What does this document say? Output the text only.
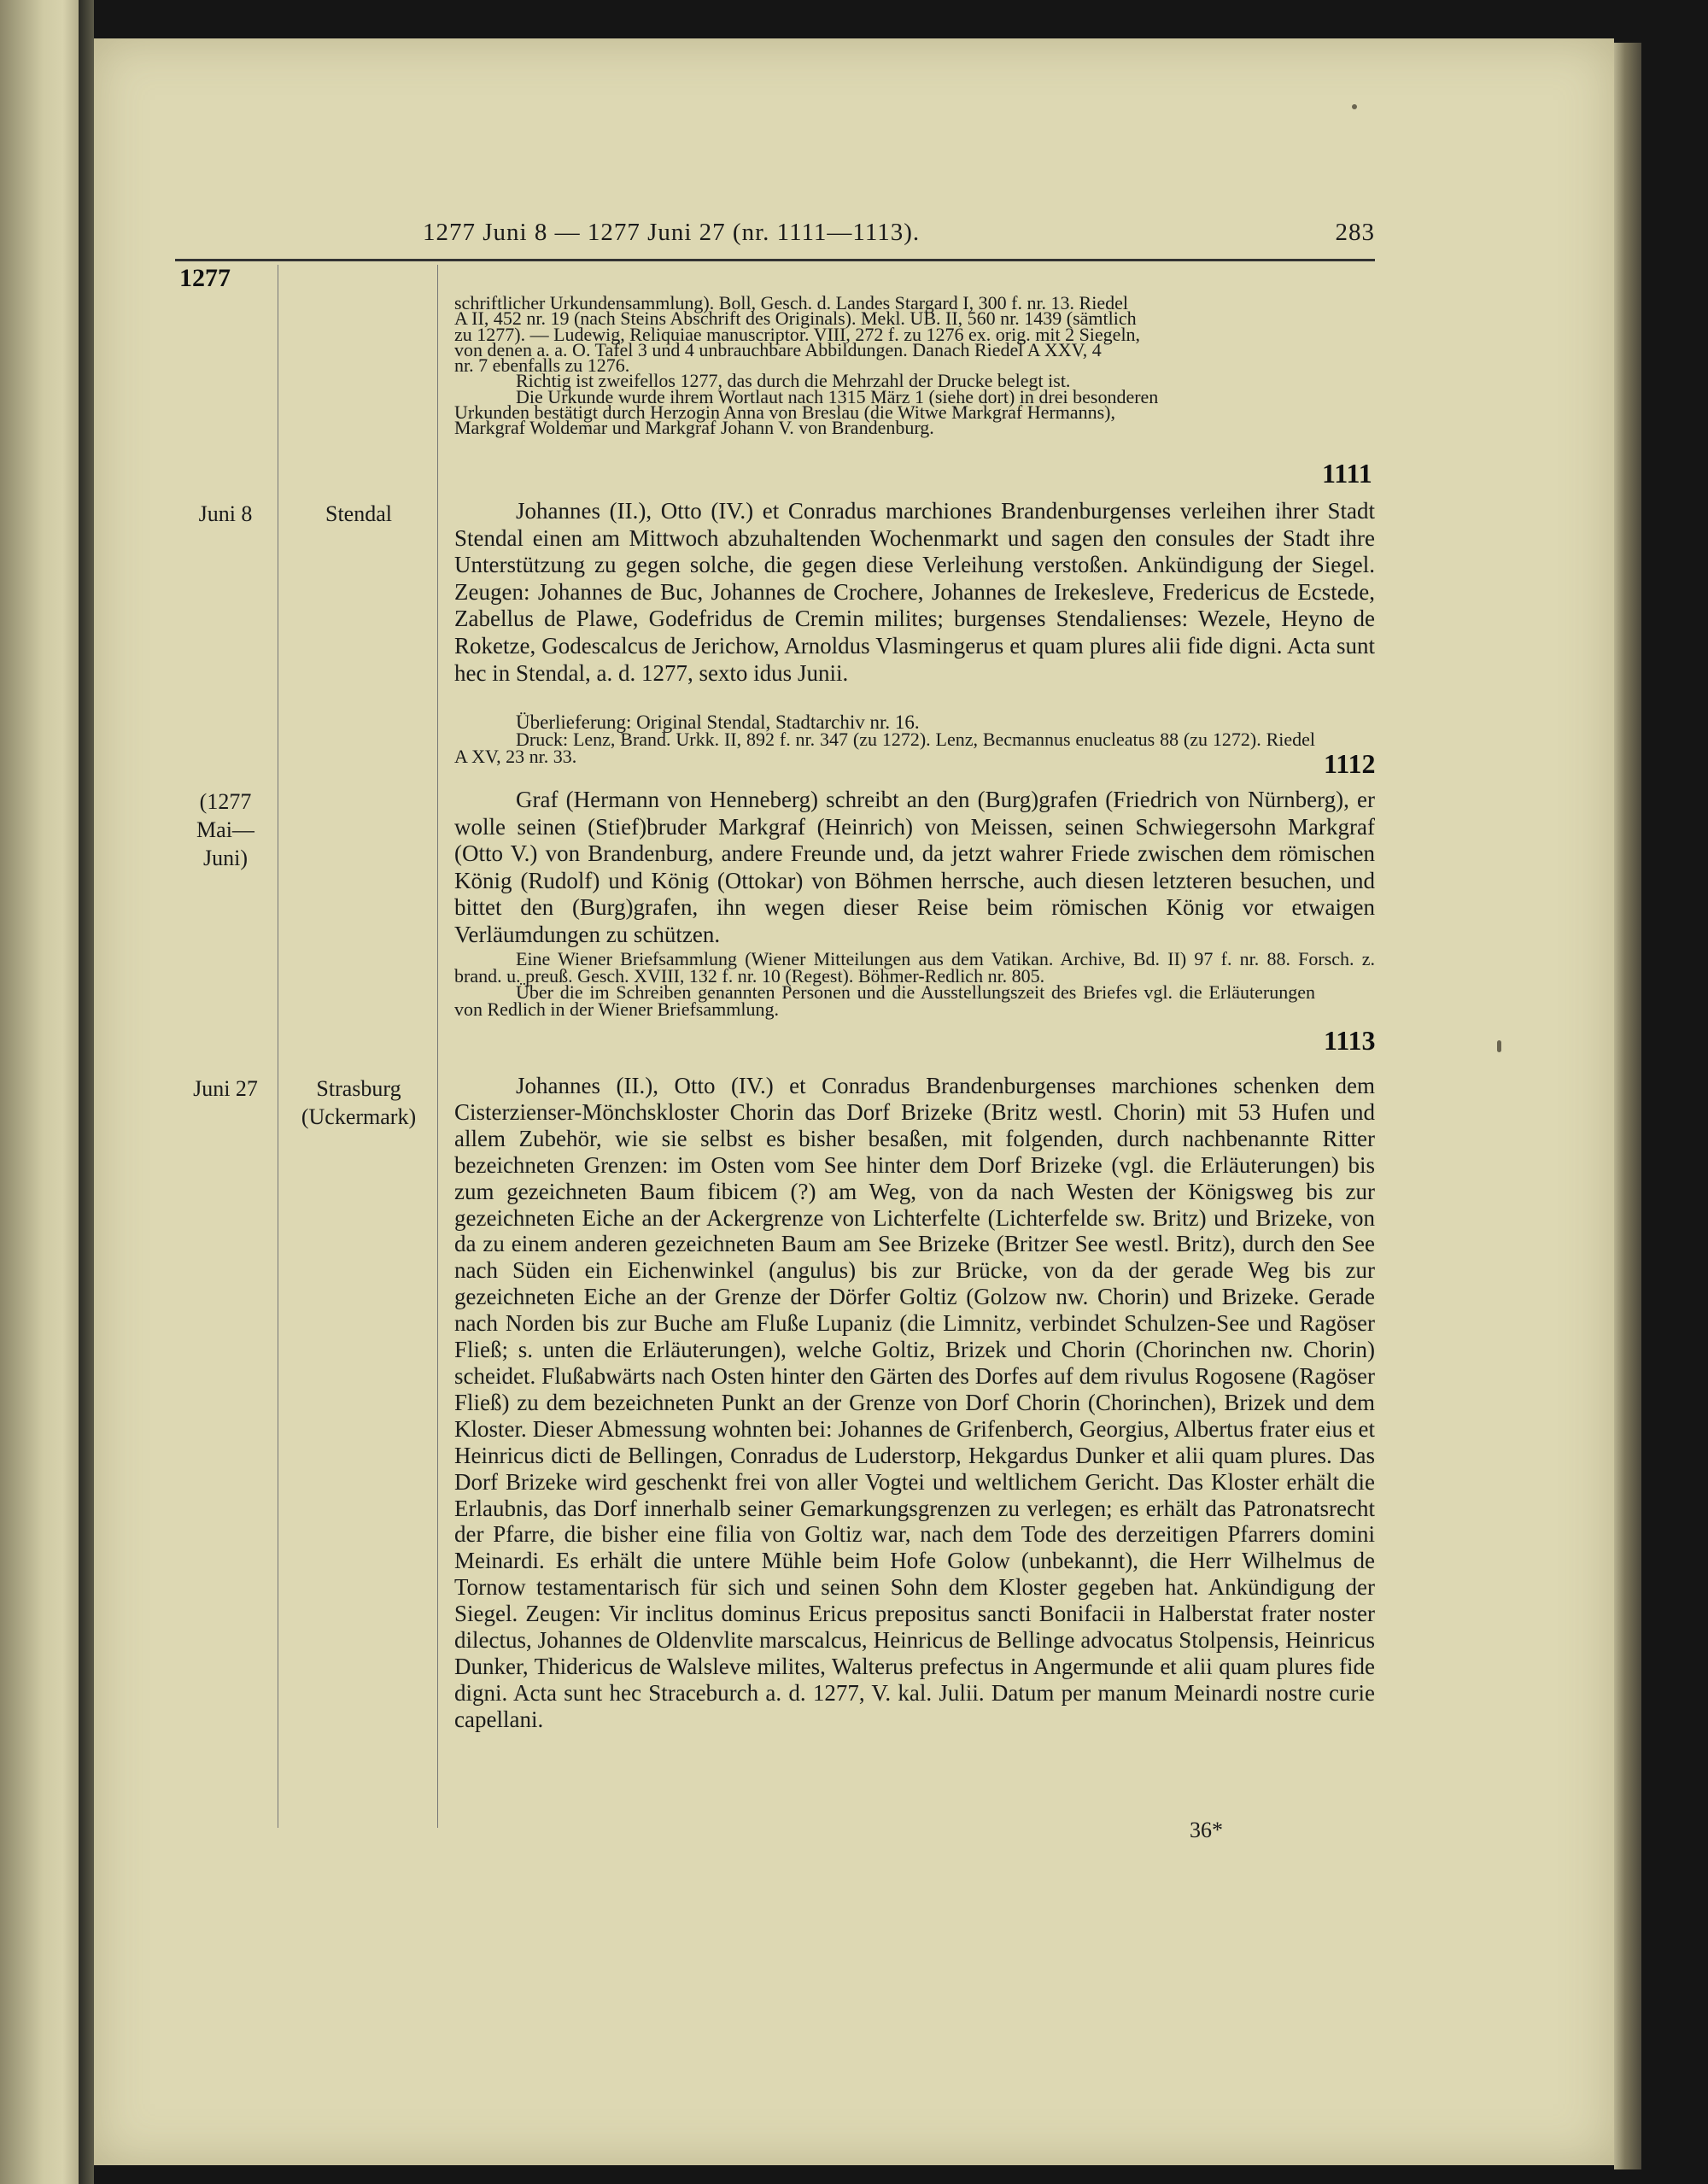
1277 Juni 8 — 1277 Juni 27 (nr. 1111—1113).	283
1277

schriftlicher Urkundensammlung). Boll, Gesch. d. Landes Stargard I, 300 f. nr. 13. Riedel

A II, 452 nr. 19 (nach Steins Abschrift des Originals). Mekl. UB. II, 560 nr. 1439 (sämtlich

zu 1277). — Ludewig, Reliquiae manuscriptor. VIII, 272 f. zu 1276 ex. orig. mit 2 Siegeln,

von denen a. a. O. Tafel 3 und 4 unbrauchbare Abbildungen. Danach Riedel A XXV, 4

nr. 7 ebenfalls zu 1276.

Richtig ist zweifellos 1277, das durch die Mehrzahl der Drucke belegt ist.

Die Urkunde wurde ihrem Wortlaut nach 1315 März 1 (siehe dort) in drei besonderen

Urkunden bestätigt durch Herzogin Anna von Breslau (die Witwe Markgraf Hermanns),

Markgraf Woldemar und Markgraf Johann V. von Brandenburg.

1111
Juni 8	Stendal	Johannes (II.), Otto (IV.) et Conradus marchiones Brandenburgenses verleihen ihrer Stadt Stendal einen am Mittwoch abzuhaltenden Wochenmarkt und sagen den consules der Stadt ihre Unterstützung zu gegen solche, die gegen diese Verleihung verstoßen. Ankündigung der Siegel. Zeugen: Johannes de Buc, Johannes de Crochere, Johannes de Irekesleve, Fredericus de Ecstede, Zabellus de Plawe, Godefridus de Cremin milites; burgenses Stendalienses: Wezele, Heyno de Roketze, Godescalcus de Jerichow, Arnoldus Vlasmingerus et quam plures alii fide digni. Acta sunt hec in Stendal, a. d. 1277, sexto idus Junii.

Überlieferung: Original Stendal, Stadtarchiv nr. 16.

Druck: Lenz, Brand. Urkk. II, 892 f. nr. 347 (zu 1272). Lenz, Becmannus enucleatus 88 (zu 1272). Riedel A XV, 23 nr. 33.	1112
(1277
Mai—
Juni)

Graf (Hermann von Henneberg) schreibt an den (Burg)grafen (Friedrich von Nürnberg), er wolle seinen (Stief)bruder Markgraf (Heinrich) von Meissen, seinen Schwiegersohn Markgraf (Otto V.) von Brandenburg, andere Freunde und, da jetzt wahrer Friede zwischen dem römischen König (Rudolf) und König (Ottokar) von Böhmen herrsche, auch diesen letzteren besuchen, und bittet den (Burg)grafen, ihn wegen dieser Reise beim römischen König vor etwaigen Verläumdungen zu schützen.

Eine Wiener Briefsammlung (Wiener Mitteilungen aus dem Vatikan. Archive, Bd. II) 97 f. nr. 88. Forsch. z. brand. u. preuß. Gesch. XVIII, 132 f. nr. 10 (Regest). Böhmer-Redlich nr. 805.

Über die im Schreiben genannten Personen und die Ausstellungszeit des Briefes vgl. die Erläuterungen von Redlich in der Wiener Briefsammlung.

1113
Juni 27	Strasburg
(Uckermark)

Johannes (II.), Otto (IV.) et Conradus Brandenburgenses marchiones schenken dem Cisterzienser-Mönchskloster Chorin das Dorf Brizeke (Britz westl. Chorin) mit 53 Hufen und allem Zubehör, wie sie selbst es bisher besaßen, mit folgenden, durch nachbenannte Ritter bezeichneten Grenzen: im Osten vom See hinter dem Dorf Brizeke (vgl. die Erläuterungen) bis zum gezeichneten Baum fibicem (?) am Weg, von da nach Westen der Königsweg bis zur gezeichneten Eiche an der Ackergrenze von Lichterfelte (Lichterfelde sw. Britz) und Brizeke, von da zu einem anderen gezeichneten Baum am See Brizeke (Britzer See westl. Britz), durch den See nach Süden ein Eichenwinkel (angulus) bis zur Brücke, von da der gerade Weg bis zur gezeichneten Eiche an der Grenze der Dörfer Goltiz (Golzow nw. Chorin) und Brizeke. Gerade nach Norden bis zur Buche am Fluße Lupaniz (die Limnitz, verbindet Schulzen-See und Ragöser Fließ; s. unten die Erläuterungen), welche Goltiz, Brizek und Chorin (Chorinchen nw. Chorin) scheidet. Flußabwärts nach Osten hinter den Gärten des Dorfes auf dem rivulus Rogosene (Ragöser Fließ) zu dem bezeichneten Punkt an der Grenze von Dorf Chorin (Chorinchen), Brizek und dem Kloster. Dieser Abmessung wohnten bei: Johannes de Grifenberch, Georgius, Albertus frater eius et Heinricus dicti de Bellingen, Conradus de Luderstorp, Hekgardus Dunker et alii quam plures. Das Dorf Brizeke wird geschenkt frei von aller Vogtei und weltlichem Gericht. Das Kloster erhält die Erlaubnis, das Dorf innerhalb seiner Gemarkungsgrenzen zu verlegen; es erhält das Patronatsrecht der Pfarre, die bisher eine filia von Goltiz war, nach dem Tode des derzeitigen Pfarrers domini Meinardi. Es erhält die untere Mühle beim Hofe Golow (unbekannt), die Herr Wilhelmus de Tornow testamentarisch für sich und seinen Sohn dem Kloster gegeben hat. Ankündigung der Siegel. Zeugen: Vir inclitus dominus Ericus prepositus sancti Bonifacii in Halberstat frater noster dilectus, Johannes de Oldenvlite marscalcus, Heinricus de Bellinge advocatus Stolpensis, Heinricus Dunker, Thidericus de Walsleve milites, Walterus prefectus in Angermunde et alii quam plures fide digni. Acta sunt hec Straceburch a. d. 1277, V. kal. Julii. Datum per manum Meinardi nostre curie capellani.

36*
